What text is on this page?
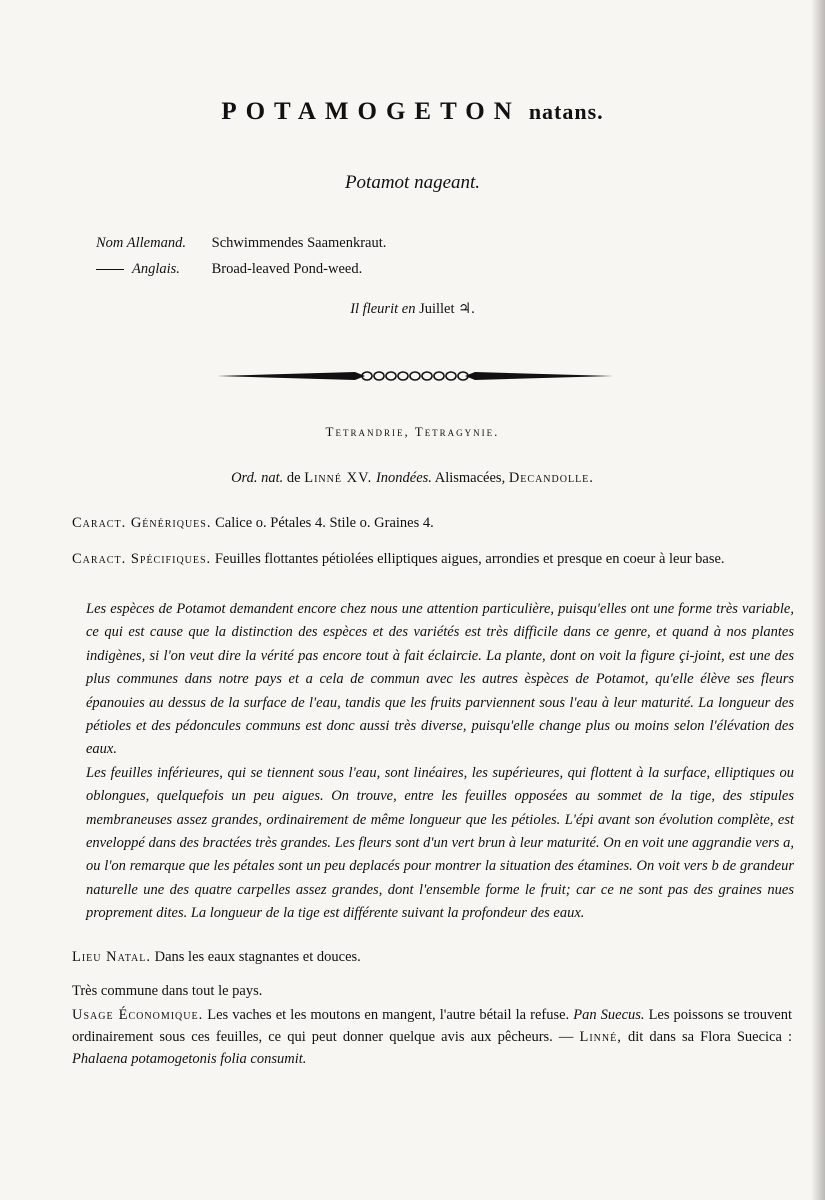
POTAMOGETON natans.
Potamot nageant.
Nom Allemand. Schwimmendes Saamenkraut.
Anglais. Broad-leaved Pond-weed.
Il fleurit en Juillet ♃.
Tetrandrie, Tetragynie.
Ord. nat. de Linné XV. Inondées. Alismacées, Decandolle.
Caract. Génériques. Calice o. Pétales 4. Stile o. Graines 4.
Caract. Spécifiques. Feuilles flottantes pétiolées elliptiques aigues, arrondies et presque en coeur à leur base.

Les espèces de Potamot demandent encore chez nous une attention particulière, puisqu'elles ont une forme très variable, ce qui est cause que la distinction des espèces et des variétés est très difficile dans ce genre, et quand à nos plantes indigènes, si l'on veut dire la vérité pas encore tout à fait éclaircie. La plante, dont on voit la figure çi-joint, est une des plus communes dans notre pays et a cela de commun avec les autres èspèces de Potamot, qu'elle élève ses fleurs épanouies au dessus de la surface de l'eau, tandis que les fruits parviennent sous l'eau à leur maturité. La longueur des pétioles et des pédoncules communs est donc aussi très diverse, puisqu'elle change plus ou moins selon l'élévation des eaux.

Les feuilles inférieures, qui se tiennent sous l'eau, sont linéaires, les supérieures, qui flottent à la surface, elliptiques ou oblongues, quelquefois un peu aigues. On trouve, entre les feuilles opposées au sommet de la tige, des stipules membraneuses assez grandes, ordinairement de même longueur que les pétioles. L'épi avant son évolution complète, est enveloppé dans des bractées très grandes. Les fleurs sont d'un vert brun à leur maturité. On en voit une aggrandie vers a, ou l'on remarque que les pétales sont un peu deplacés pour montrer la situation des étamines. On voit vers b de grandeur naturelle une des quatre carpelles assez grandes, dont l'ensemble forme le fruit; car ce ne sont pas des graines nues proprement dites. La longueur de la tige est différente suivant la profondeur des eaux.

Lieu Natal. Dans les eaux stagnantes et douces.
Très commune dans tout le pays.
Usage Économique. Les vaches et les moutons en mangent, l'autre bétail la refuse. Pan Suecus. Les poissons se trouvent ordinairement sous ces feuilles, ce qui peut donner quelque avis aux pêcheurs. — Linné, dit dans sa Flora Suecica : Phalaena potamogetonis folia consumit.
